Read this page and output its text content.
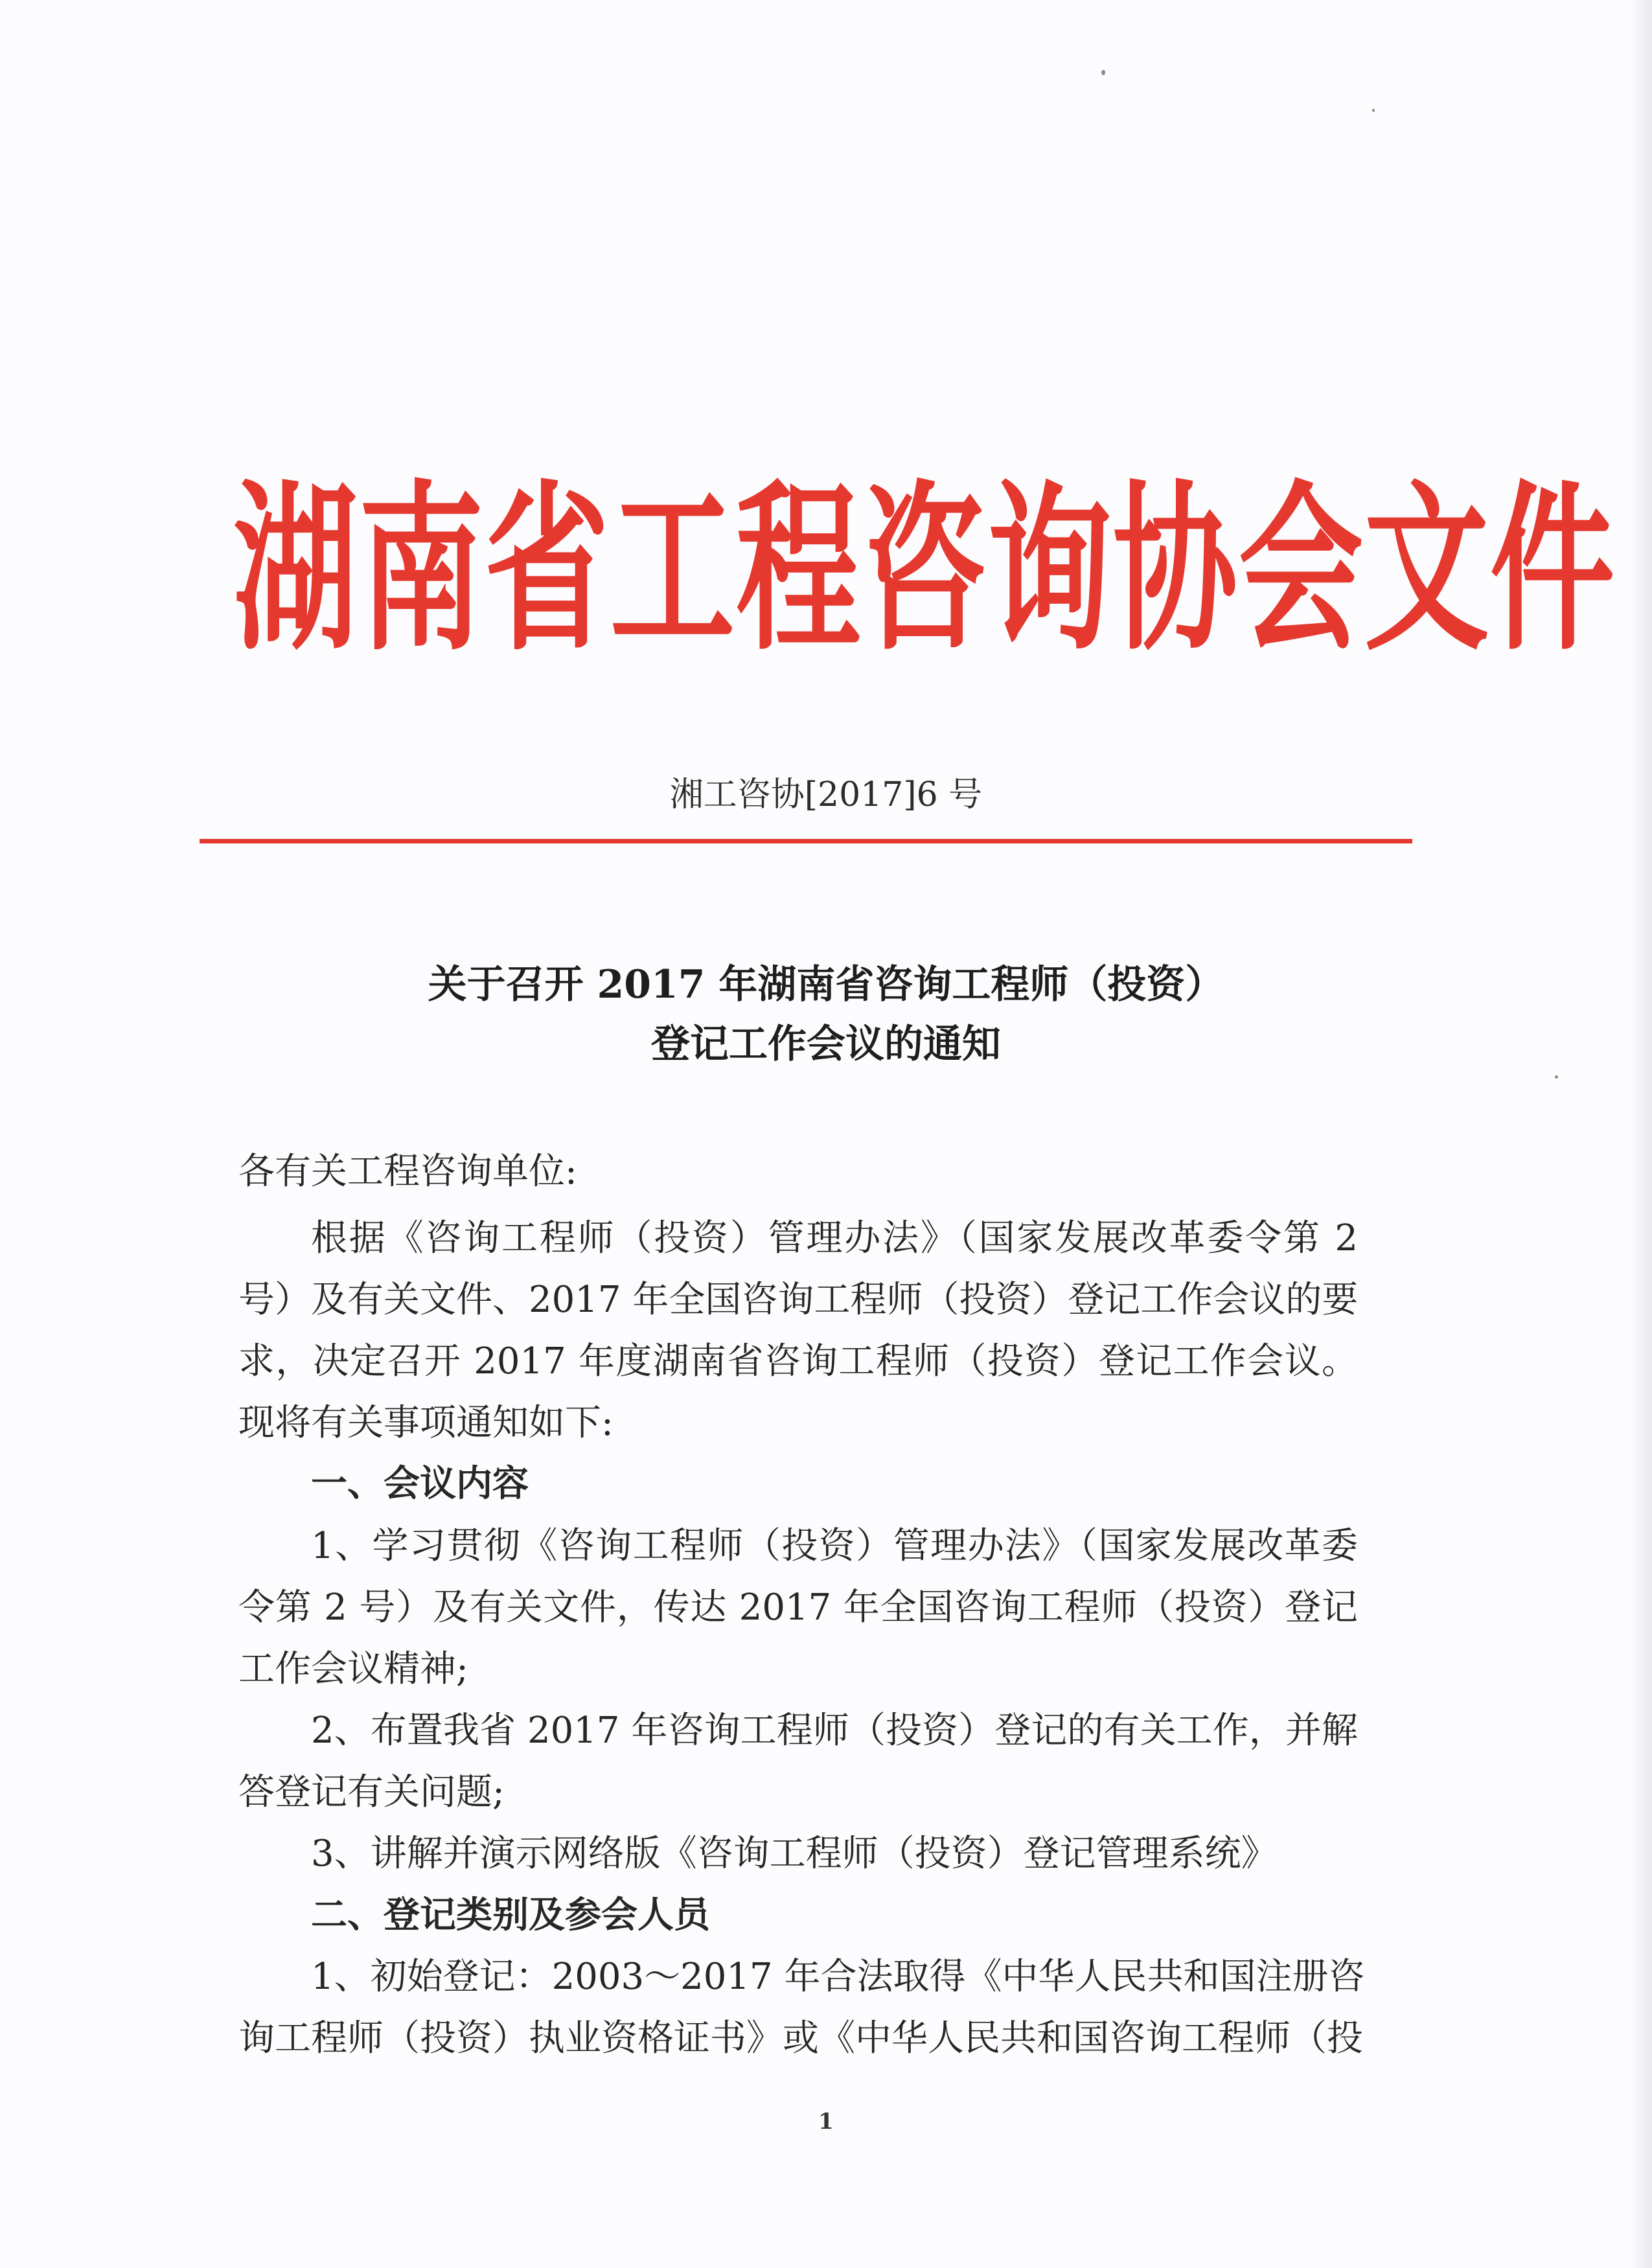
湖南省工程咨询协会文件
湘工咨协[2017]6 号
关于召开 2017 年湖南省咨询工程师（投资）
登记工作会议的通知
各有关工程咨询单位:
根据《咨询工程师（投资）管理办法》（国家发展改革委令第 2
号）及有关文件、2017 年全国咨询工程师（投资）登记工作会议的要
求，决定召开 2017 年度湖南省咨询工程师（投资）登记工作会议。
现将有关事项通知如下:
一、会议内容
1、学习贯彻《咨询工程师（投资）管理办法》（国家发展改革委
令第 2 号）及有关文件，传达 2017 年全国咨询工程师（投资）登记
工作会议精神;
2、布置我省 2017 年咨询工程师（投资）登记的有关工作，并解
答登记有关问题;
3、讲解并演示网络版《咨询工程师（投资）登记管理系统》
二、登记类别及参会人员
1、初始登记：2003～2017 年合法取得《中华人民共和国注册咨
询工程师（投资）执业资格证书》或《中华人民共和国咨询工程师（投
1
